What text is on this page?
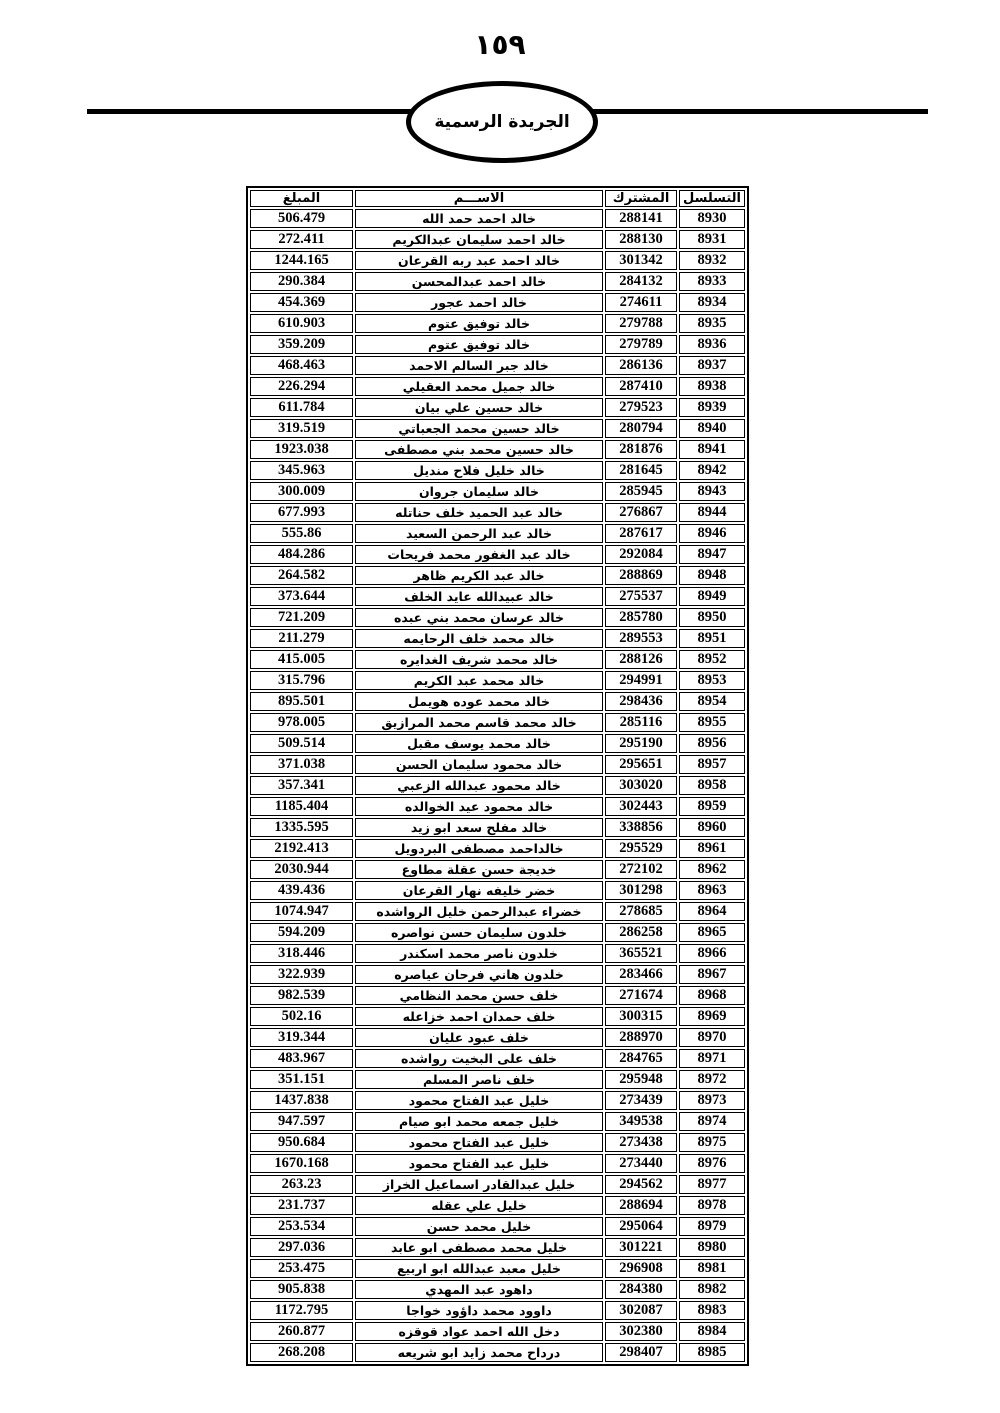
١٥٩
الجريدة الرسمية
التسلسل	المشترك	الاســـم	المبلغ
8930	288141	خالد احمد حمد الله	506.479
8931	288130	خالد احمد سليمان عبدالكريم	272.411
8932	301342	خالد احمد عبد ربه القرعان	1244.165
8933	284132	خالد احمد عبدالمحسن	290.384
8934	274611	خالد احمد عجور	454.369
8935	279788	خالد توفيق عتوم	610.903
8936	279789	خالد توفيق عتوم	359.209
8937	286136	خالد جبر السالم الاحمد	468.463
8938	287410	خالد جميل محمد العقيلي	226.294
8939	279523	خالد حسين علي بيان	611.784
8940	280794	خالد حسين محمد الجعباتي	319.519
8941	281876	خالد حسين محمد بني مصطفى	1923.038
8942	281645	خالد خليل فلاح منديل	345.963
8943	285945	خالد سليمان جروان	300.009
8944	276867	خالد عبد الحميد خلف حناتله	677.993
8946	287617	خالد عبد الرحمن السعيد	555.86
8947	292084	خالد عبد الغفور محمد فريحات	484.286
8948	288869	خالد عبد الكريم ظاهر	264.582
8949	275537	خالد عبيدالله عايد الخلف	373.644
8950	285780	خالد عرسان محمد بني عبده	721.209
8951	289553	خالد محمد خلف الرحايمه	211.279
8952	288126	خالد محمد شريف الغدايره	415.005
8953	294991	خالد محمد عبد الكريم	315.796
8954	298436	خالد محمد عوده هويمل	895.501
8955	285116	خالد محمد قاسم محمد المرازيق	978.005
8956	295190	خالد محمد يوسف مقبل	509.514
8957	295651	خالد محمود سليمان الحسن	371.038
8958	303020	خالد محمود عبدالله الزعبي	357.341
8959	302443	خالد محمود عيد الخوالده	1185.404
8960	338856	خالد مفلح سعد ابو زيد	1335.595
8961	295529	خالداحمد مصطفى البردويل	2192.413
8962	272102	خديجة حسن عقلة مطاوع	2030.944
8963	301298	خضر خليفه نهار القرعان	439.436
8964	278685	خضراء عبدالرحمن خليل الرواشده	1074.947
8965	286258	خلدون سليمان حسن نواصره	594.209
8966	365521	خلدون ناصر محمد اسكندر	318.446
8967	283466	خلدون هاني فرحان عياصره	322.939
8968	271674	خلف حسن محمد النظامي	982.539
8969	300315	خلف حمدان احمد خزاعله	502.16
8970	288970	خلف عبود عليان	319.344
8971	284765	خلف على البخيت رواشده	483.967
8972	295948	خلف ناصر المسلم	351.151
8973	273439	خليل عبد الفتاح محمود	1437.838
8974	349538	خليل جمعه محمد ابو صيام	947.597
8975	273438	خليل عبد الفتاح محمود	950.684
8976	273440	خليل عبد الفتاح محمود	1670.168
8977	294562	خليل عبدالقادر اسماعيل الخراز	263.23
8978	288694	خليل علي عقله	231.737
8979	295064	خليل محمد حسن	253.534
8980	301221	خليل محمد مصطفى ابو عابد	297.036
8981	296908	خليل معبد عبدالله ابو اربيع	253.475
8982	284380	داهود عبد المهدي	905.838
8983	302087	داوود محمد داؤود خواجا	1172.795
8984	302380	دخل الله احمد عواد قوقزه	260.877
8985	298407	درداح محمد زايد ابو شريعه	268.208
